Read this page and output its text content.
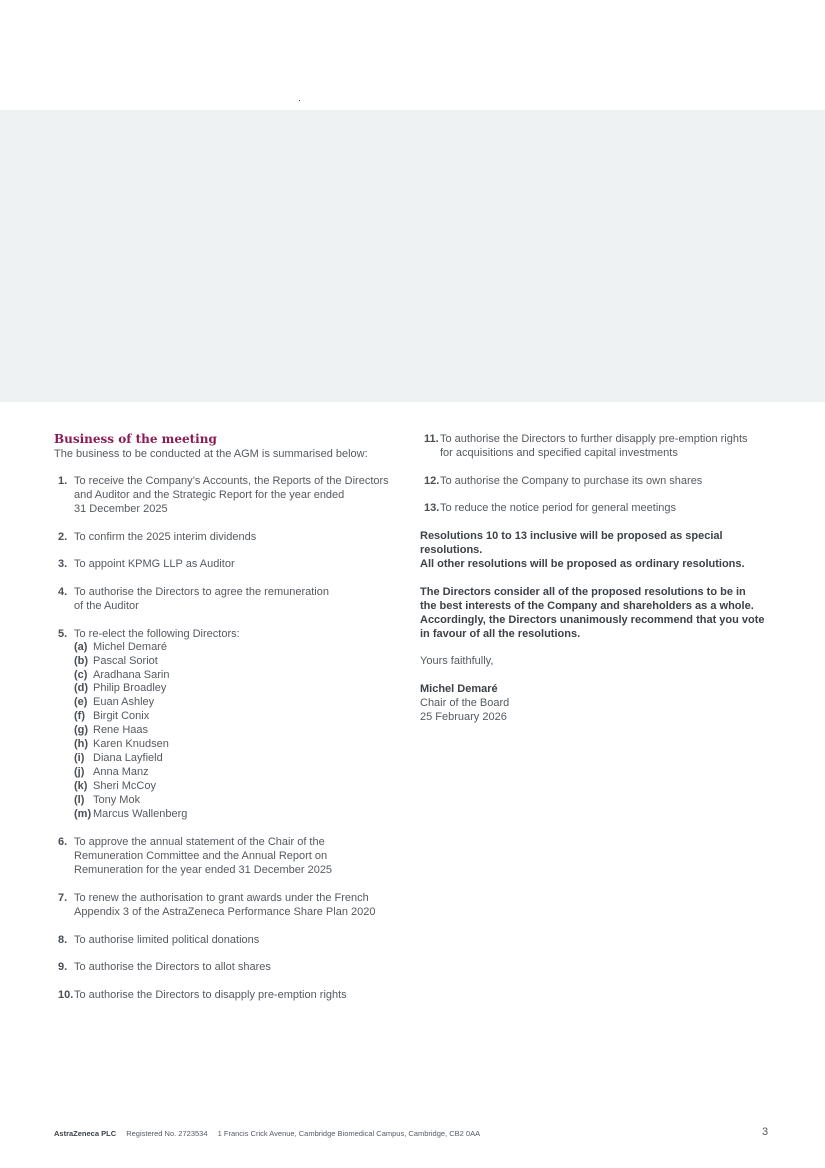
Business of the meeting

The business to be conducted at the AGM is summarised below:

1. To receive the Company’s Accounts, the Reports of the Directors

and Auditor and the Strategic Report for the year ended

31 December 2025

2. To confirm the 2025 interim dividends

3. To appoint KPMG LLP as Auditor

4. To authorise the Directors to agree the remuneration

of the Auditor

5. To re-elect the following Directors:

(a) Michel Demaré
(b) Pascal Soriot
(c) Aradhana Sarin
(d) Philip Broadley
(e) Euan Ashley
(f) Birgit Conix
(g) Rene Haas
(h) Karen Knudsen
(i) Diana Layfield
(j) Anna Manz
(k) Sheri McCoy
(l) Tony Mok
(m) Marcus Wallenberg
6. To approve the annual statement of the Chair of the

Remuneration Committee and the Annual Report on

Remuneration for the year ended 31 December 2025

7. To renew the authorisation to grant awards under the French

Appendix 3 of the AstraZeneca Performance Share Plan 2020

8. To authorise limited political donations

9. To authorise the Directors to allot shares

10. To authorise the Directors to disapply pre-emption rights

11. To authorise the Directors to further disapply pre-emption rights

for acquisitions and specified capital investments

12. To authorise the Company to purchase its own shares

13. To reduce the notice period for general meetings

Resolutions 10 to 13 inclusive will be proposed as special resolutions.

All other resolutions will be proposed as ordinary resolutions.

The Directors consider all of the proposed resolutions to be in

the best interests of the Company and shareholders as a whole.

Accordingly, the Directors unanimously recommend that you vote

in favour of all the resolutions.

Yours faithfully,

Michel Demaré

Chair of the Board

25 February 2026

AstraZeneca PLC Registered No. 2723534 1 Francis Crick Avenue, Cambridge Biomedical Campus, Cambridge, CB2 0AA	3
